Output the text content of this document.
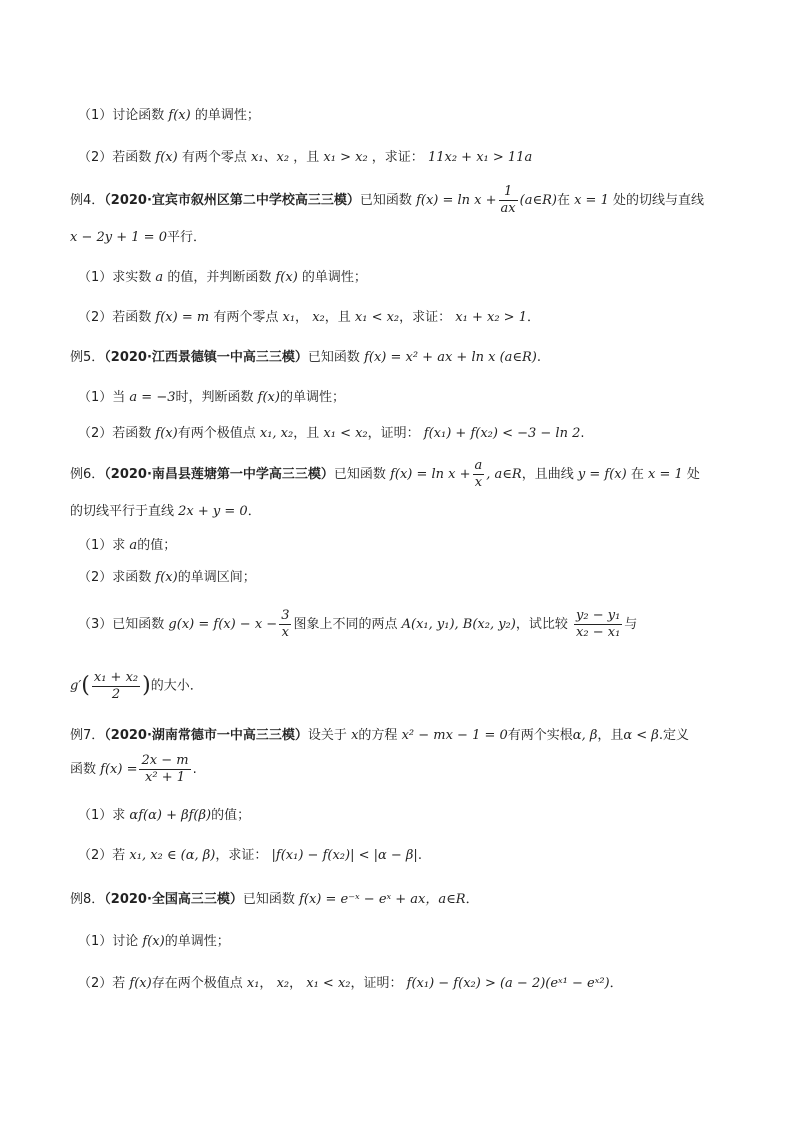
（1）讨论函数 f(x) 的单调性；
（2）若函数 f(x) 有两个零点 x₁、x₂ ，且 x₁ > x₂ ，求证： 11x₂ + x₁ > 11a
例4．（2020·宜宾市叙州区第二中学校高三三模）已知函数 $f(x) = \ln x + \frac{1}{ax}$ (a∈R)在 x = 1 处的切线与直线
x − 2y + 1 = 0平行．
（1）求实数 a 的值，并判断函数 f(x) 的单调性；
（2）若函数 f(x) = m 有两个零点 x₁， x₂，且 x₁ < x₂，求证： x₁ + x₂ > 1．
例5．（2020·江西景德镇一中高三三模）已知函数 f(x) = x² + ax + ln x (a∈R).
（1）当 a = −3时，判断函数 f(x)的单调性；
（2）若函数 f(x)有两个极值点 x₁, x₂，且 x₁ < x₂，证明： f(x₁) + f(x₂) < −3 − ln 2.
例6．（2020·南昌县莲塘第一中学高三三模）已知函数 $f(x) = \ln x + \frac{a}{x}$ , a∈R，且曲线 y = f(x) 在 x = 1 处
的切线平行于直线 2x + y = 0．
（1）求 a的值；
（2）求函数 f(x)的单调区间；
（3）已知函数 $g(x) = f(x) - x - \frac{3}{x}$ 图象上不同的两点 A(x₁, y₁), B(x₂, y₂)，试比较 $\frac{\text{y₂ − y₁}}{\text{x₂ − x₁}}$ 与
$g'( \frac{\text{x₁ + x₂}}{2}$ )的大小．
例7．（2020·湖南常德市一中高三三模）设关于 x的方程 x² − mx − 1 = 0有两个实根α, β，且α < β.定义
函数 $f(x) = \frac{2x - m}{\text{x² + 1}}$ .
（1）求 αf(α) + βf(β)的值；
（2）若 x₁, x₂ ∈ (α, β)，求证： |f(x₁) − f(x₂)| < |α − β|.
例8．（2020·全国高三三模）已知函数 f(x) = e⁻ˣ − eˣ + ax，a∈R．
（1）讨论 f(x)的单调性；
（2）若 f(x)存在两个极值点 x₁， x₂， x₁ < x₂，证明： f(x₁) − f(x₂) > (a − 2)(eˣ¹ − eˣ²)．
